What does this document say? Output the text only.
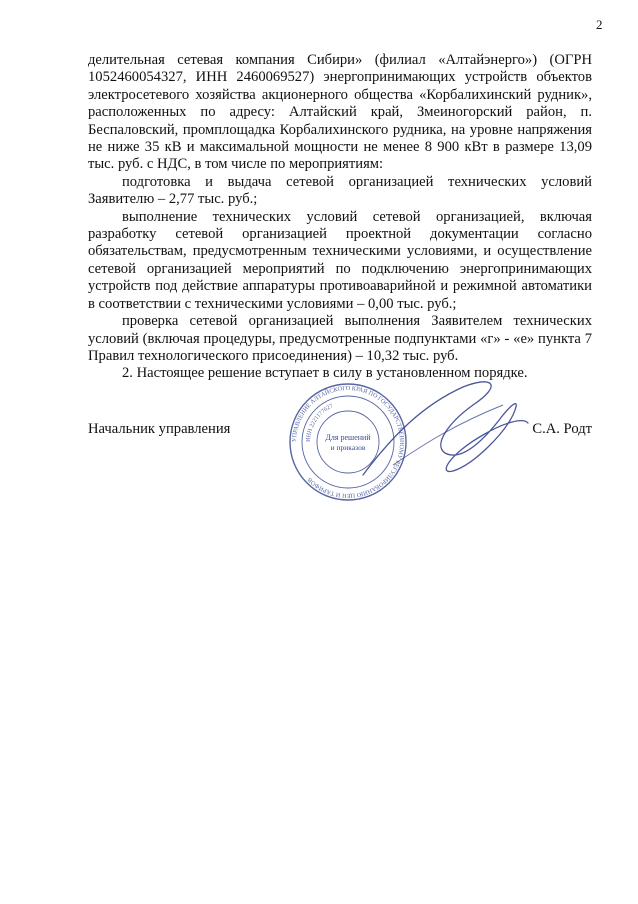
2

делительная сетевая компания Сибири» (филиал «Алтайэнерго») (ОГРН 1052460054327, ИНН 2460069527) энергопринимающих устройств объектов электросетевого хозяйства акционерного общества «Корбалихинский рудник», расположенных по адресу: Алтайский край, Змеиногорский район, п. Беспаловский, промплощадка Корбалихинского рудника, на уровне напряжения не ниже 35 кВ и максимальной мощности не менее 8 900 кВт в размере 13,09 тыс. руб. с НДС, в том числе по мероприятиям:

подготовка и выдача сетевой организацией технических условий Заявителю – 2,77 тыс. руб.;

выполнение технических условий сетевой организацией, включая разработку сетевой организацией проектной документации согласно обязательствам, предусмотренным техническими условиями, и осуществление сетевой организацией мероприятий по подключению энергопринимающих устройств под действие аппаратуры противоаварийной и режимной автоматики в соответствии с техническими условиями – 0,00 тыс. руб.;

проверка сетевой организацией выполнения Заявителем технических условий (включая процедуры, предусмотренные подпунктами «г» - «е» пункта 7 Правил технологического присоединения) – 10,32 тыс. руб.

2. Настоящее решение вступает в силу в установленном порядке.

Начальник управления
УПРАВЛЕНИЕ АЛТАЙСКОГО КРАЯ ПО ГОСУДАРСТВЕННОМУ РЕГУЛИРОВАНИЮ ЦЕН И ТАРИФОВ
ИНН 2221177627
Для решений
и приказов
С.А. Родт
